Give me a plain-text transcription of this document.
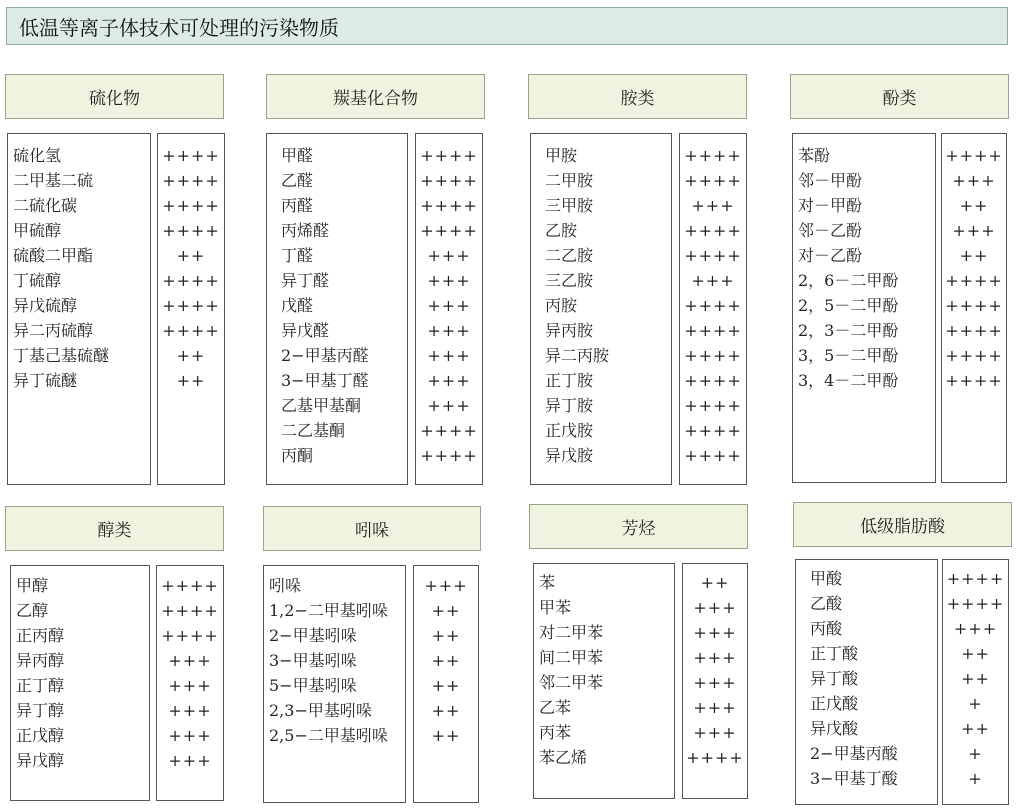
低温等离子体技术可处理的污染物质
硫化物
硫化氢
二甲基二硫
二硫化碳
甲硫醇
硫酸二甲酯
丁硫醇
异戊硫醇
异二丙硫醇
丁基己基硫醚
异丁硫醚
++++
++++
++++
++++
++
++++
++++
++++
++
++
羰基化合物
甲醛
乙醛
丙醛
丙烯醛
丁醛
异丁醛
戊醛
异戊醛
2−甲基丙醛
3−甲基丁醛
乙基甲基酮
二乙基酮
丙酮
++++
++++
++++
++++
+++
+++
+++
+++
+++
+++
+++
++++
++++
胺类
甲胺
二甲胺
三甲胺
乙胺
二乙胺
三乙胺
丙胺
异丙胺
异二丙胺
正丁胺
异丁胺
正戊胺
异戊胺
++++
++++
+++
++++
++++
+++
++++
++++
++++
++++
++++
++++
++++
酚类
苯酚
邻－甲酚
对－甲酚
邻－乙酚
对－乙酚
2，6－二甲酚
2，5－二甲酚
2，3－二甲酚
3，5－二甲酚
3，4－二甲酚
++++
+++
++
+++
++
++++
++++
++++
++++
++++
醇类
甲醇
乙醇
正丙醇
异丙醇
正丁醇
异丁醇
正戊醇
异戊醇
++++
++++
++++
+++
+++
+++
+++
+++
吲哚
吲哚
1,2−二甲基吲哚
2−甲基吲哚
3−甲基吲哚
5−甲基吲哚
2,3−甲基吲哚
2,5−二甲基吲哚
+++
++
++
++
++
++
++
芳烃
苯
甲苯
对二甲苯
间二甲苯
邻二甲苯
乙苯
丙苯
苯乙烯
++
+++
+++
+++
+++
+++
+++
++++
低级脂肪酸
甲酸
乙酸
丙酸
正丁酸
异丁酸
正戊酸
异戊酸
2−甲基丙酸
3−甲基丁酸
++++
++++
+++
++
++
+
++
+
+
